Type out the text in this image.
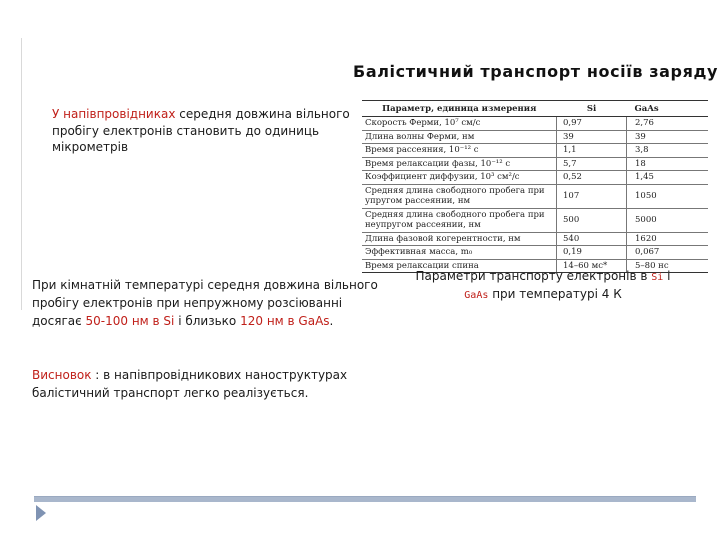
Балістичний транспорт носіїв заряду
У напівпровідниках середня довжина вільного пробігу електронів становить до одиниць мікрометрів
Параметр, единица измерения	Si	GaAs
Скорость Ферми, 10⁷ см/с	0,97	2,76
Длина волны Ферми, нм	39	39
Время рассеяния, 10⁻¹² с	1,1	3,8
Время релаксации фазы, 10⁻¹² с	5,7	18
Коэффициент диффузии, 10³ см²/с	0,52	1,45
Средняя длина свободного пробега при упругом рассеянии, нм	107	1050
Средняя длина свободного пробега при неупругом рассеянии, нм	500	5000
Длина фазовой когерентности, нм	540	1620
Эффективная масса, m₀	0,19	0,067
Время релаксации спина	14–60 мс*	5–80 нс
Параметри транспорту електронів в Si і
GaAs при температурі 4 К
При кімнатній температурі середня довжина вільного пробігу електронів при непружному розсіюванні досягає 50-100 нм в Si і близько 120 нм в GaAs.
Висновок : в напівпровідникових наноструктурах балістичний транспорт легко реалізується.
